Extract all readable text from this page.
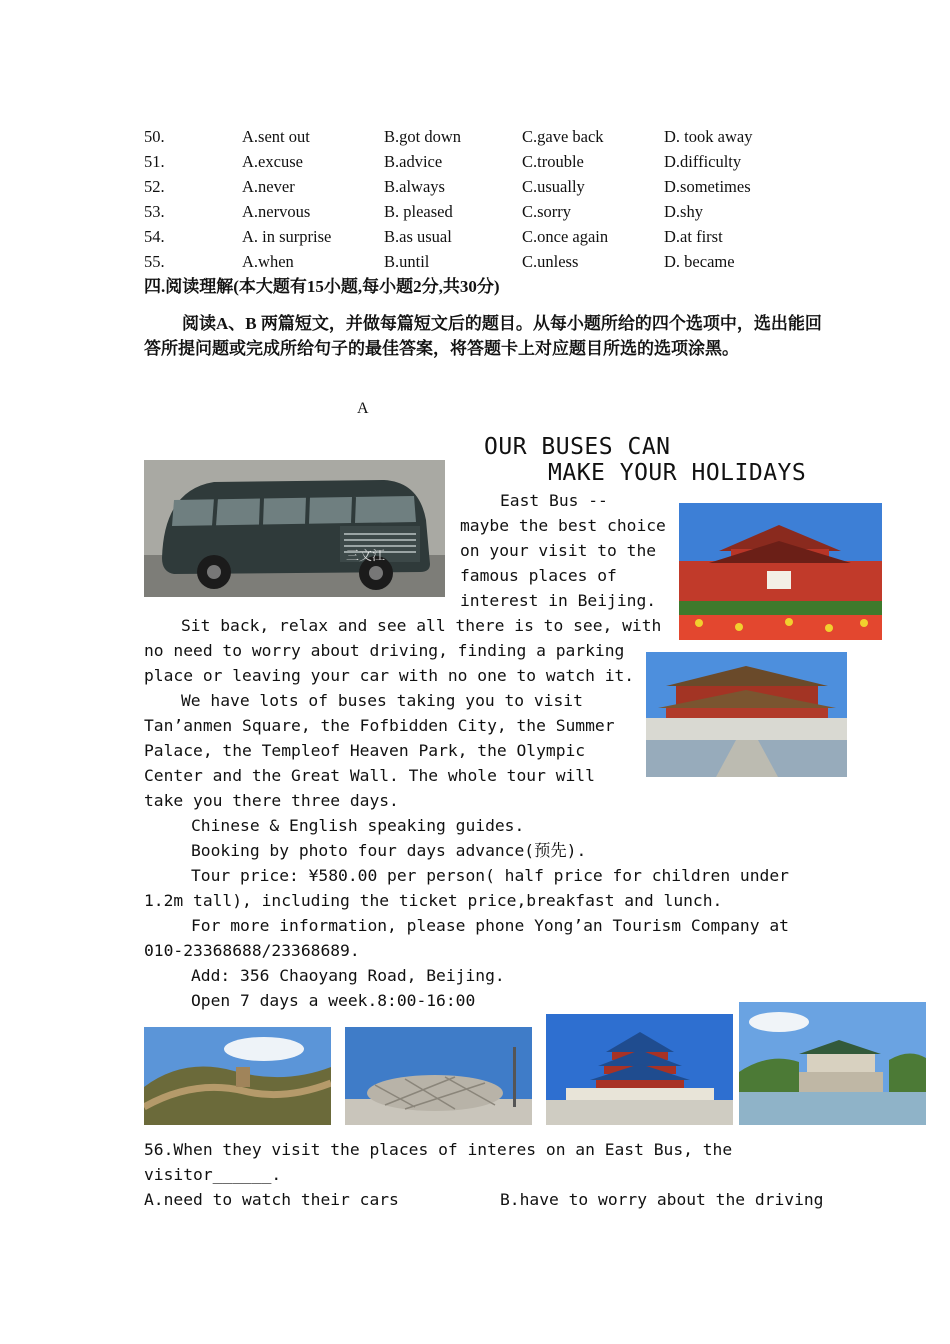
50.	A.sent out	B.got down	C.gave back	D. took away
51.	A.excuse	B.advice	C.trouble	D.difficulty
52.	A.never	B.always	C.usually	D.sometimes
53.	A.nervous	B. pleased	C.sorry	D.shy
54.	A. in surprise	B.as usual	C.once again	D.at first
55.	A.when	B.until	C.unless	D. became
四.阅读理解(本大题有15小题,每小题2分,共30分)
阅读A、B 两篇短文，并做每篇短文后的题目。从每小题所给的四个选项中，选出能回答所提问题或完成所给句子的最佳答案，将答题卡上对应题目所选的选项涂黑。
A
OUR BUSES CAN
MAKE YOUR HOLIDAYS
三文江
East Bus --
maybe the best choice
on your visit to the
famous places of
interest in Beijing.
Sit back, relax and see all there is to see, with
no need to worry about driving, finding a parking
place or leaving your car with no one to watch it.
We have lots of buses taking you to visit
Tan’anmen Square, the Fofbidden City, the Summer
Palace, the Templeof Heaven Park, the Olympic
Center and the Great Wall. The whole tour will
take you there three days.
Chinese & English speaking guides.
Booking by photo four days advance(预先).
Tour price: ¥580.00 per person( half price for children under
1.2m tall), including the ticket price,breakfast and lunch.
For more information, please phone Yong’an Tourism Company at
010-23368688/23368689.
Add: 356 Chaoyang Road, Beijing.
Open 7 days a week.8:00-16:00
56.When they visit the places of interes on an East Bus, the
visitor______.
A.need to watch their cars	B.have to worry about the driving
